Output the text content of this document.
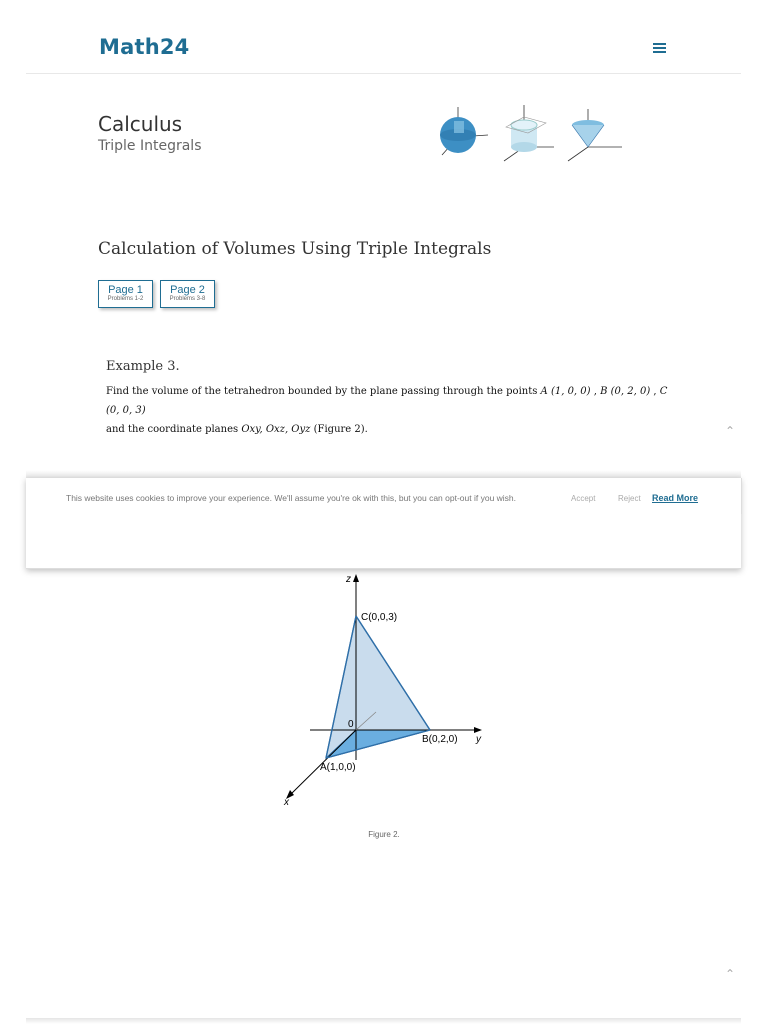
Math24
Calculus
Triple Integrals
Calculation of Volumes Using Triple Integrals
Page 1
Problems 1-2
Page 2
Problems 3-8
Example 3.
Find the volume of the tetrahedron bounded by the plane passing through the points A (1, 0, 0) , B (0, 2, 0) , C (0, 0, 3)
and the coordinate planes Oxy, Oxz, Oyz (Figure 2).	⌃
This website uses cookies to improve your experience. We'll assume you're ok with this, but you can opt-out if you wish.	Accept	Reject Read More
z
y
x
0
C(0,0,3)
B(0,2,0)
A(1,0,0)
Figure 2.
⌃
